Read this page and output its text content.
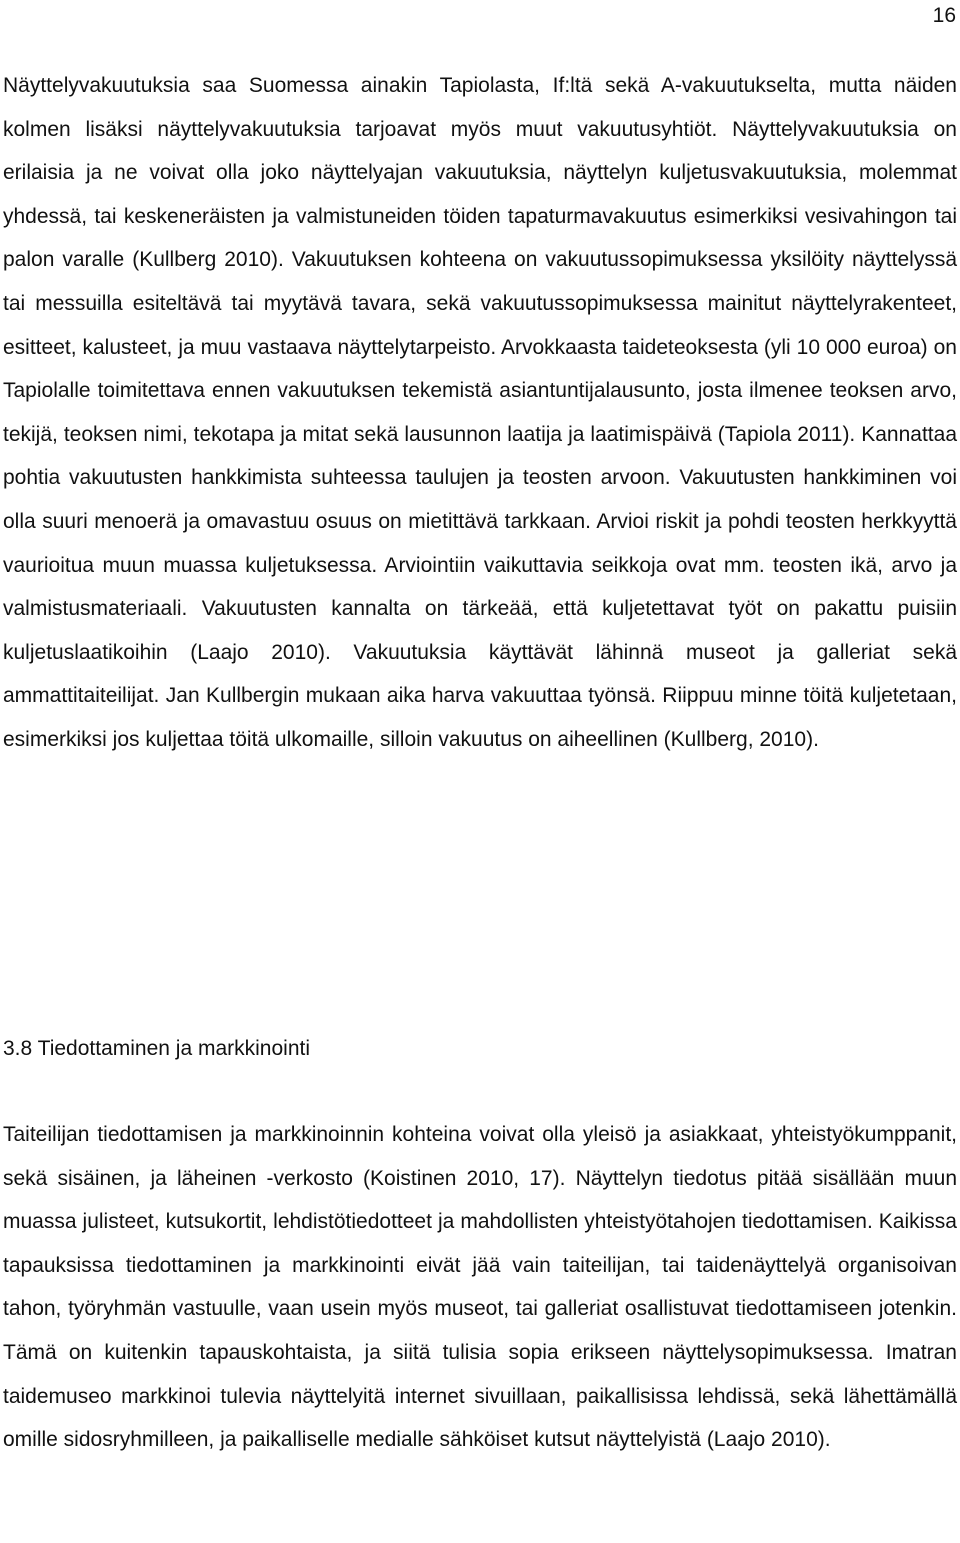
16

Näyttelyvakuutuksia saa Suomessa ainakin Tapiolasta, If:ltä sekä A-vakuutukselta, mutta näiden kolmen lisäksi näyttelyvakuutuksia tarjoavat myös muut vakuutusyhtiöt. Näyttelyvakuutuksia on erilaisia ja ne voivat olla joko näyttelyajan vakuutuksia, näyttelyn kuljetusvakuutuksia, molemmat yhdessä, tai keskeneräisten ja valmistuneiden töiden tapaturmavakuutus esimerkiksi vesivahingon tai palon varalle (Kullberg 2010). Vakuutuksen kohteena on vakuutussopimuksessa yksilöity näyttelyssä tai messuilla esiteltävä tai myytävä tavara, sekä vakuutussopimuksessa mainitut näyttelyrakenteet, esitteet, kalusteet, ja muu vastaava näyttelytarpeisto. Arvokkaasta taideteoksesta (yli 10 000 euroa) on Tapiolalle toimitettava ennen vakuutuksen tekemistä asiantuntijalausunto, josta ilmenee teoksen arvo, tekijä, teoksen nimi, tekotapa ja mitat sekä lausunnon laatija ja laatimispäivä (Tapiola 2011). Kannattaa pohtia vakuutusten hankkimista suhteessa taulujen ja teosten arvoon. Vakuutusten hankkiminen voi olla suuri menoerä ja omavastuu osuus on mietittävä tarkkaan. Arvioi riskit ja pohdi teosten herkkyyttä vaurioitua muun muassa kuljetuksessa. Arviointiin vaikuttavia seikkoja ovat mm. teosten ikä, arvo ja valmistusmateriaali. Vakuutusten kannalta on tärkeää, että kuljetettavat työt on pakattu puisiin kuljetuslaatikoihin (Laajo 2010). Vakuutuksia käyttävät lähinnä museot ja galleriat sekä ammattitaiteilijat. Jan Kullbergin mukaan aika harva vakuuttaa työnsä. Riippuu minne töitä kuljetetaan, esimerkiksi jos kuljettaa töitä ulkomaille, silloin vakuutus on aiheellinen (Kullberg, 2010).

3.8 Tiedottaminen ja markkinointi

Taiteilijan tiedottamisen ja markkinoinnin kohteina voivat olla yleisö ja asiakkaat, yhteistyökumppanit, sekä sisäinen, ja läheinen -verkosto (Koistinen 2010, 17). Näyttelyn tiedotus pitää sisällään muun muassa julisteet, kutsukortit, lehdistötiedotteet ja mahdollisten yhteistyötahojen tiedottamisen. Kaikissa tapauksissa tiedottaminen ja markkinointi eivät jää vain taiteilijan, tai taidenäyttelyä organisoivan tahon, työryhmän vastuulle, vaan usein myös museot, tai galleriat osallistuvat tiedottamiseen jotenkin. Tämä on kuitenkin tapauskohtaista, ja siitä tulisia sopia erikseen näyttelysopimuksessa. Imatran taidemuseo markkinoi tulevia näyttelyitä internet sivuillaan, paikallisissa lehdissä, sekä lähettämällä omille sidosryhmilleen, ja paikalliselle medialle sähköiset kutsut näyttelyistä (Laajo 2010).
